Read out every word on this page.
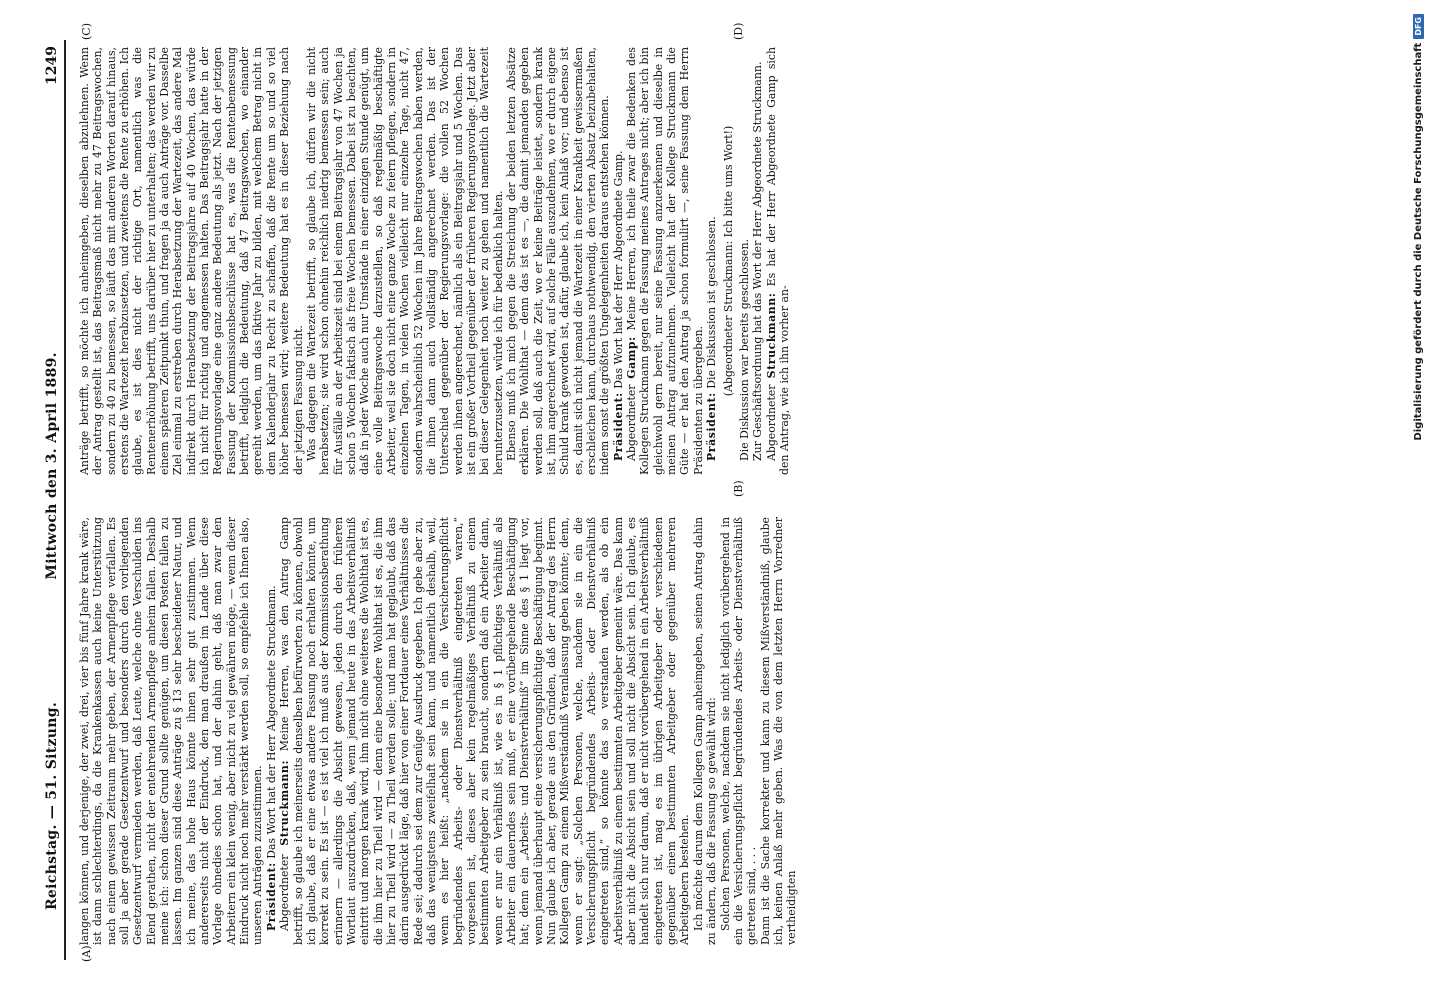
Reichstag. — 51. Sitzung.
Mittwoch den 3. April 1889.
1249
(A)
(B)
(C)	(D)

langen können, und derjenige, der zwei, drei, vier bis fünf Jahre krank wäre, ist dann schlechterdings, da die Krankenkassen auch keine Unterstützung nach einem gewissen Zeitraum mehr geben, der Armenpflege verfallen. Es soll ja aber gerade Gesetzentwurf und besonders durch den vorliegenden Gesetzentwurf vermieden werden, daß Leute, welche ohne Verschulden ins Elend gerathen, nicht der entehrenden Armenpflege anheim fallen. Deshalb meine ich: schon dieser Grund sollte genügen, um diesen Posten fallen zu lassen. Im ganzen sind diese Anträge zu § 13 sehr bescheidener Natur, und ich meine, das hohe Haus könnte ihnen sehr gut zustimmen. Wenn andererseits nicht der Eindruck, den man draußen im Lande über diese Vorlage ohnedies schon hat, und der dahin geht, daß man zwar den Arbeitern ein klein wenig, aber nicht zu viel gewähren möge, — wenn dieser Eindruck nicht noch mehr verstärkt werden soll, so empfehle ich Ihnen also, unseren Anträgen zuzustimmen. Präsident: Das Wort hat der Herr Abgeordnete Struckmann.

Abgeordneter Struckmann: Meine Herren, was den Antrag Gamp betrifft, so glaube ich meinerseits denselben befürworten zu können, obwohl ich glaube, daß er eine etwas andere Fassung noch erhalten könnte, um korrekt zu sein. Es ist — es ist viel ich muß aus der Kommissionsberathung erinnern — allerdings die Absicht gewesen, jeden durch den früheren Wortlaut auszudrücken, daß, wenn jemand heute in das Arbeitsverhältniß eintritt und morgen krank wird, ihm nicht ohne weiteres die Wohlthat ist es, die ihm hier zu Theil wird — denn eine besondere Wohlthat ist es, die ihm hier zu Theil wird — zu Theil werden solle; und man hat geglaubt, daß das darin ausgedrückt läge, daß hier von einer Fortdauer eines Verhältnisses die Rede sei; dadurch sei dem zur Genüge Ausdruck gegeben. Ich gebe aber zu, daß das wenigstens zweifelhaft sein kann, und namentlich deshalb, weil, wenn es hier heißt: „nachdem sie in ein die Versicherungspflicht begründendes Arbeits- oder Dienstverhältniß eingetreten waren,“ vorgesehen ist, dieses aber kein regelmäßiges Verhältniß zu einem bestimmten Arbeitgeber zu sein braucht, sondern daß ein Arbeiter dann, wenn er nur ein Verhältniß ist, wie es in § 1 pflichtiges Verhältniß als Arbeiter ein dauerndes sein muß, er eine vorübergehende Beschäftigung hat; denn ein „Arbeits- und Dienstverhältniß“ im Sinne des § 1 liegt vor, wenn jemand überhaupt eine versicherungspflichtige Beschäftigung beginnt. Nun glaube ich aber, gerade aus den Gründen, daß der Antrag des Herrn Kollegen Gamp zu einem Mißverständniß Veranlassung geben könnte; denn, wenn er sagt: „Solchen Personen, welche, nachdem sie in ein die Versicherungspflicht begründendes Arbeits- oder Dienstverhältniß eingetreten sind,“ so könnte das so verstanden werden, als ob ein Arbeitsverhältniß zu einem bestimmten Arbeitgeber gemeint wäre. Das kann aber nicht die Absicht sein und soll nicht die Absicht sein. Ich glaube, es handelt sich nur darum, daß er nicht vorübergehend in ein Arbeitsverhältniß eingetreten ist, mag es im übrigen Arbeitgeber oder verschiedenen gegenüber einem bestimmten Arbeitgeber oder gegenüber mehreren Arbeitgebern bestehen. Ich möchte darum dem Kollegen Gamp anheimgeben, seinen Antrag dahin zu ändern, daß die Fassung so gewählt wird: Solchen Personen, welche, nachdem sie nicht lediglich vorübergehend in ein die Versicherungspflicht begründendes Arbeits- oder Dienstverhältniß getreten sind, . . . Dann ist die Sache korrekter und kann zu diesem Mißverständniß, glaube ich, keinen Anlaß mehr geben. Was die von dem letzten Herrn Vorredner vertheidigten

Anträge betrifft, so möchte ich anheimgeben, dieselben abzulehnen. Wenn der Antrag gestellt ist, das Beitragsmaß nicht mehr zu 47 Beitragswochen, sondern zu 40 zu bemessen, so läuft das mit anderen Worten darauf hinaus, erstens die Wartezeit herabzusetzen, und zweitens die Rente zu erhöhen. Ich glaube, es ist dies nicht der richtige Ort, namentlich was die Rentenerhöhung betrifft, uns darüber hier zu unterhalten; das werden wir zu einem späteren Zeitpunkt thun, und fragen ja da auch Anträge vor. Dasselbe Ziel einmal zu erstreben durch Herabsetzung der Wartezeit, das andere Mal indirekt durch Herabsetzung der Beitragsjahre auf 40 Wochen, das würde ich nicht für richtig und angemessen halten. Das Beitragsjahr hatte in der Regierungsvorlage eine ganz andere Bedeutung als jetzt. Nach der jetzigen Fassung der Kommissionsbeschlüsse hat es, was die Rentenbemessung betrifft, lediglich die Bedeutung, daß 47 Beitragswochen, wo einander gereiht werden, um das fiktive Jahr zu bilden, mit welchem Betrag nicht in dem Kalenderjahr zu Recht zu schaffen, daß die Rente um so und so viel höher bemessen wird; weitere Bedeutung hat es in dieser Beziehung nach der jetzigen Fassung nicht. Was dagegen die Wartezeit betrifft, so glaube ich, dürfen wir die nicht herabsetzen; sie wird schon ohnehin reichlich niedrig bemessen sein; auch für Ausfälle an der Arbeitszeit sind bei einem Beitragsjahr von 47 Wochen ja schon 5 Wochen faktisch als freie Wochen bemessen. Dabei ist zu beachten, daß in jeder Woche auch nur Umstände in einer einzigen Stunde genügt, um eine volle Beitragswoche darzustellen, so daß regelmäßig beschäftigte Arbeiter, weil sie doch nicht eine ganze Woche zu feiern pflegen, sondern in einzelnen Tagen, in vielen Wochen vielleicht nur einzelne Tage, nicht 47, sondern wahrscheinlich 52 Wochen im Jahre Beitragswochen haben werden, die ihnen dann auch vollständig angerechnet werden. Das ist der Unterschied gegenüber der Regierungsvorlage: die vollen 52 Wochen werden ihnen angerechnet, nämlich als ein Beitragsjahr und 5 Wochen. Das ist ein großer Vortheil gegenüber der früheren Regierungsvorlage. Jetzt aber bei dieser Gelegenheit noch weiter zu gehen und namentlich die Wartezeit herunterzusetzen, würde ich für bedenklich halten. Ebenso muß ich mich gegen die Streichung der beiden letzten Absätze erklären. Die Wohlthat — denn das ist es —, die damit jemanden gegeben werden soll, daß auch die Zeit, wo er keine Beiträge leistet, sondern krank ist, ihm angerechnet wird, auf solche Fälle auszudehnen, wo er durch eigene Schuld krank geworden ist, dafür, glaube ich, kein Anlaß vor; und ebenso ist es, damit sich nicht jemand die Wartezeit in einer Krankheit gewissermaßen erschleichen kann, durchaus nothwendig, den vierten Absatz beizubehalten, indem sonst die größten Ungelegenheiten daraus entstehen können. Präsident: Das Wort hat der Herr Abgeordnete Gamp.

Abgeordneter Gamp: Meine Herren, ich theile zwar die Bedenken des Kollegen Struckmann gegen die Fassung meines Antrages nicht; aber ich bin gleichwohl gern bereit, nur seine Fassung anzuerkennen und dieselbe in meinen Antrag aufzunehmen. Vielleicht hat der Kollege Struckmann die Güte — er hat den Antrag ja schon formulirt —, seine Fassung dem Herrn Präsidenten zu übergeben. Präsident: Die Diskussion ist geschlossen. (Abgeordneter Struckmann: Ich bitte ums Wort!) Die Diskussion war bereits geschlossen. Zur Geschäftsordnung hat das Wort der Herr Abgeordnete Struckmann. Abgeordneter Struckmann: Es hat der Herr Abgeordnete Gamp sich den Antrag, wie ich ihn vorher an-	Digitalisierung gefördert durch die Deutsche Forschungsgemeinschaft
DFG
